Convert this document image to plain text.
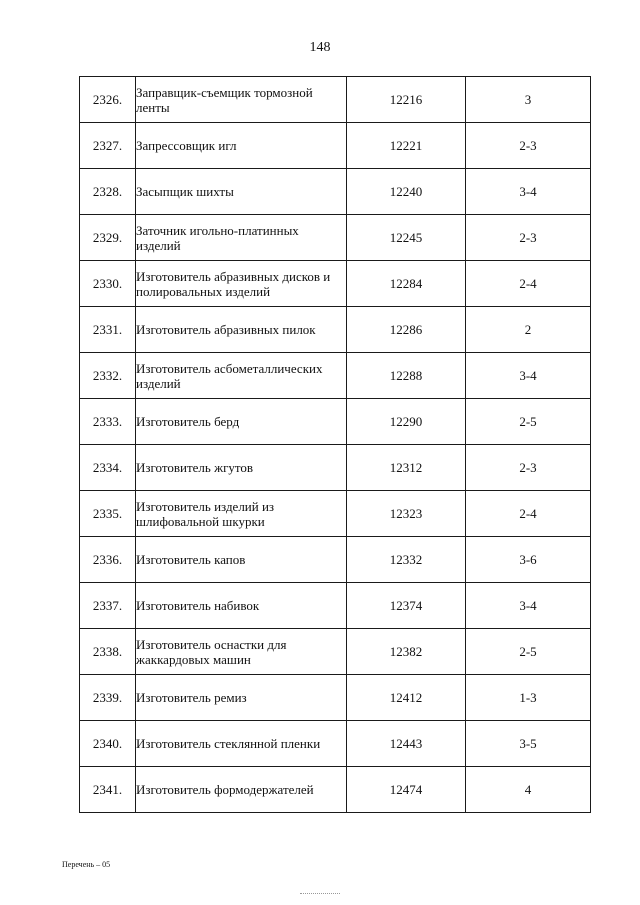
148
2326.	Заправщик-съемщик тормозной ленты	12216	3
2327.	Запрессовщик игл	12221	2-3
2328.	Засыпщик шихты	12240	3-4
2329.	Заточник игольно-платинных изделий	12245	2-3
2330.	Изготовитель абразивных дисков и полировальных изделий	12284	2-4
2331.	Изготовитель абразивных пилок	12286	2
2332.	Изготовитель асбометаллических изделий	12288	3-4
2333.	Изготовитель берд	12290	2-5
2334.	Изготовитель жгутов	12312	2-3
2335.	Изготовитель изделий из шлифовальной шкурки	12323	2-4
2336.	Изготовитель капов	12332	3-6
2337.	Изготовитель набивок	12374	3-4
2338.	Изготовитель оснастки для жаккардовых машин	12382	2-5
2339.	Изготовитель ремиз	12412	1-3
2340.	Изготовитель стеклянной пленки	12443	3-5
2341.	Изготовитель формодержателей	12474	4
Перечень – 05
